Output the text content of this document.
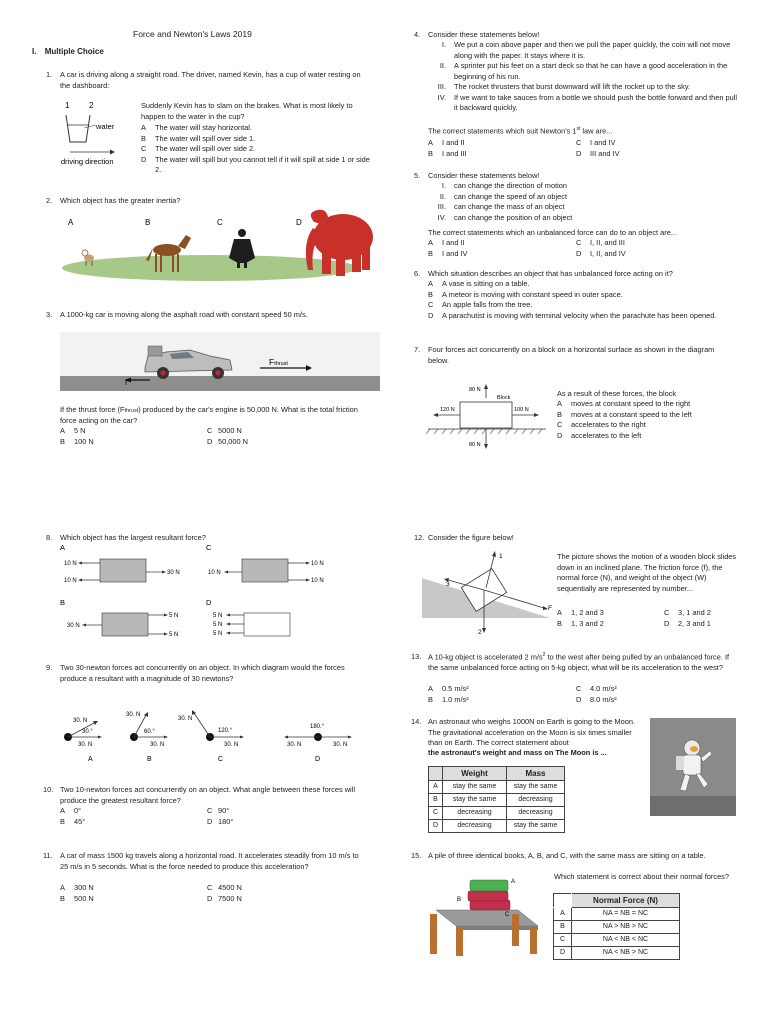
Force and Newton's Laws 2019
I. Multiple Choice
1. A car is driving along a straight road. The driver, named Kevin, has a cup of water resting on the dashboard:
1 2
water
driving direction
Suddenly Kevin has to slam on the brakes. What is most likely to happen to the water in the cup?
A	The water will stay horizontal.
B	The water will spill over side 1.
C	The water will spill over side 2.
D	The water will spill but you cannot tell if it will spill at side 1 or side 2.
2. Which object has the greater inertia?
A	B	C	D
3. A 1000-kg car is moving along the asphalt road with constant speed 50 m/s.
Fthrust
f
If the thrust force (Fthrust) produced by the car's engine is 50,000 N. What is the total friction force acting on the car?
A 5 N
B 100 N
C 5000 N
D 50,000 N
4. Consider these statements below!
I.	We put a coin above paper and then we pull the paper quickly, the coin will not move along with the paper. It stays where it is.
II.	A sprinter put his feet on a start deck so that he can have a good acceleration in the beginning of his run.
III.	The rocket thrusters that burst downward will lift the rocket up to the sky.
IV.	If we want to take sauces from a bottle we should push the bottle forward and then pull it backward quickly.
The correct statements which suit Newton's 1st law are...
A I and II
B I and III
C I and IV
D III and IV
5. Consider these statements below!
I.	can change the direction of motion
II.	can change the speed of an object
III.	can change the mass of an object
IV.	can change the position of an object
The correct statements which an unbalanced force can do to an object are...
A I and II
B I and IV
C I, II, and III
D I, II, and IV
6. Which situation describes an object that has unbalanced force acting on it?
A	A vase is sitting on a table.
B	A meteor is moving with constant speed in outer space.
C	An apple falls from the tree.
D	A parachutist is moving with terminal velocity when the parachute has been opened.
7. Four forces act concurrently on a block on a horizontal surface as shown in the diagram below.
80 N
Block
120 N	100 N
80 N
As a result of these forces, the block
A	moves at constant speed to the right
B	moves at a constant speed to the left
C	accelerates to the right
D	accelerates to the left
8. Which object has the largest resultant force?
A
10 N
10 N
30 N
C
10 N
10 N
10 N
B
30 N
5 N
5 N
D
5 N
5 N
5 N
9. Two 30-newton forces act concurrently on an object. In which diagram would the forces produce a resultant with a magnitude of 30 newtons?
30. N
30.°
30. N
A
30. N
60.°
30. N
B
30. N
120.°
30. N
C
180.°
30. N	30. N
D
10. Two 10-newton forces act concurrently on an object. What angle between these forces will produce the greatest resultant force?
A 0°
B 45°
C 90°
D 180°
11. A car of mass 1500 kg travels along a horizontal road. It accelerates steadily from 10 m/s to 25 m/s in 5 seconds. What is the force needed to produce this acceleration?
A 300 N
B 500 N
C 4500 N
D 7500 N
12. Consider the figure below!
1
3
2
F
The picture shows the motion of a wooden block slides down in an inclined plane. The friction force (f), the normal force (N), and weight of the object (W) sequentially are represented by number...
A 1, 2 and 3
B 1, 3 and 2
C 3, 1 and 2
D 2, 3 and 1
13. A 10-kg object is accelerated 2 $m/s^2$ to the west after being pulled by an unbalanced force. If the same unbalanced force acting on 5-kg object, what will be its acceleration to the west?
A 0.5 m/s²
B 1.0 m/s²
C 4.0 m/s²
D 8.0 m/s²
14. An astronaut who weighs 1000N on Earth is going to the Moon. The gravitational acceleration on the Moon is six times smaller than on Earth. The correct statement about
the astronaut's weight and mass on The Moon is ...
	Weight	Mass
A	stay the same	stay the same
B	stay the same	decreasing
C	decreasing	decreasing
D	decreasing	stay the same
15. A pile of three identical books, A, B, and C, with the same mass are sitting on a table.
A
B
C
Which statement is correct about their normal forces?
	Normal Force (N)
A	NA = NB = NC
B	NA > NB > NC
C	NA < NB < NC
D	NA < NB > NC
